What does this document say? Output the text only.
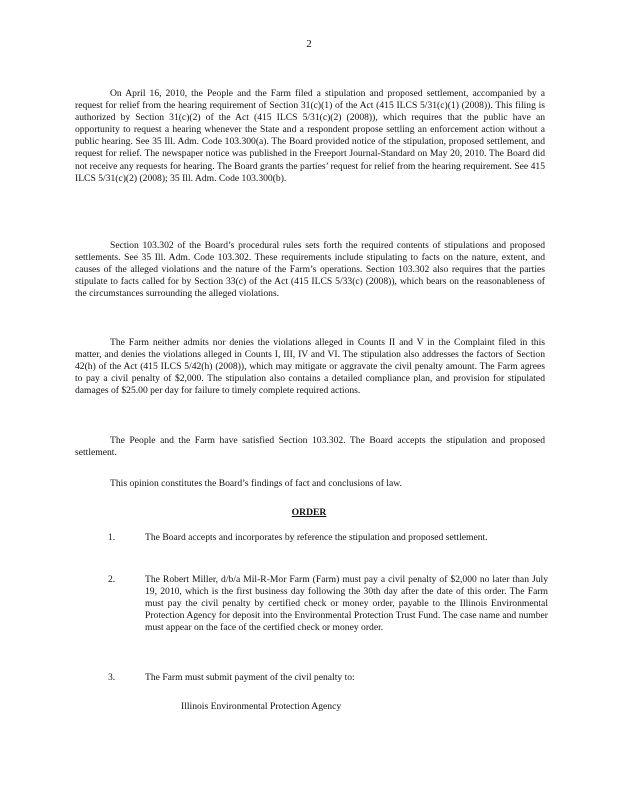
2

On April 16, 2010, the People and the Farm filed a stipulation and proposed settlement, accompanied by a request for relief from the hearing requirement of Section 31(c)(1) of the Act (415 ILCS 5/31(c)(1) (2008)). This filing is authorized by Section 31(c)(2) of the Act (415 ILCS 5/31(c)(2) (2008)), which requires that the public have an opportunity to request a hearing whenever the State and a respondent propose settling an enforcement action without a public hearing. See 35 Ill. Adm. Code 103.300(a). The Board provided notice of the stipulation, proposed settlement, and request for relief. The newspaper notice was published in the Freeport Journal-Standard on May 20, 2010. The Board did not receive any requests for hearing. The Board grants the parties’ request for relief from the hearing requirement. See 415 ILCS 5/31(c)(2) (2008); 35 Ill. Adm. Code 103.300(b).

Section 103.302 of the Board’s procedural rules sets forth the required contents of stipulations and proposed settlements. See 35 Ill. Adm. Code 103.302. These requirements include stipulating to facts on the nature, extent, and causes of the alleged violations and the nature of the Farm’s operations. Section 103.302 also requires that the parties stipulate to facts called for by Section 33(c) of the Act (415 ILCS 5/33(c) (2008)), which bears on the reasonableness of the circumstances surrounding the alleged violations.

The Farm neither admits nor denies the violations alleged in Counts II and V in the Complaint filed in this matter, and denies the violations alleged in Counts I, III, IV and VI. The stipulation also addresses the factors of Section 42(h) of the Act (415 ILCS 5/42(h) (2008)), which may mitigate or aggravate the civil penalty amount. The Farm agrees to pay a civil penalty of $2,000. The stipulation also contains a detailed compliance plan, and provision for stipulated damages of $25.00 per day for failure to timely complete required actions.

The People and the Farm have satisfied Section 103.302. The Board accepts the stipulation and proposed settlement.

This opinion constitutes the Board’s findings of fact and conclusions of law.

ORDER
1.	The Board accepts and incorporates by reference the stipulation and proposed settlement.
2.	The Robert Miller, d/b/a Mil-R-Mor Farm (Farm) must pay a civil penalty of $2,000 no later than July 19, 2010, which is the first business day following the 30th day after the date of this order. The Farm must pay the civil penalty by certified check or money order, payable to the Illinois Environmental Protection Agency for deposit into the Environmental Protection Trust Fund. The case name and number must appear on the face of the certified check or money order.
3.	The Farm must submit payment of the civil penalty to:
Illinois Environmental Protection Agency
